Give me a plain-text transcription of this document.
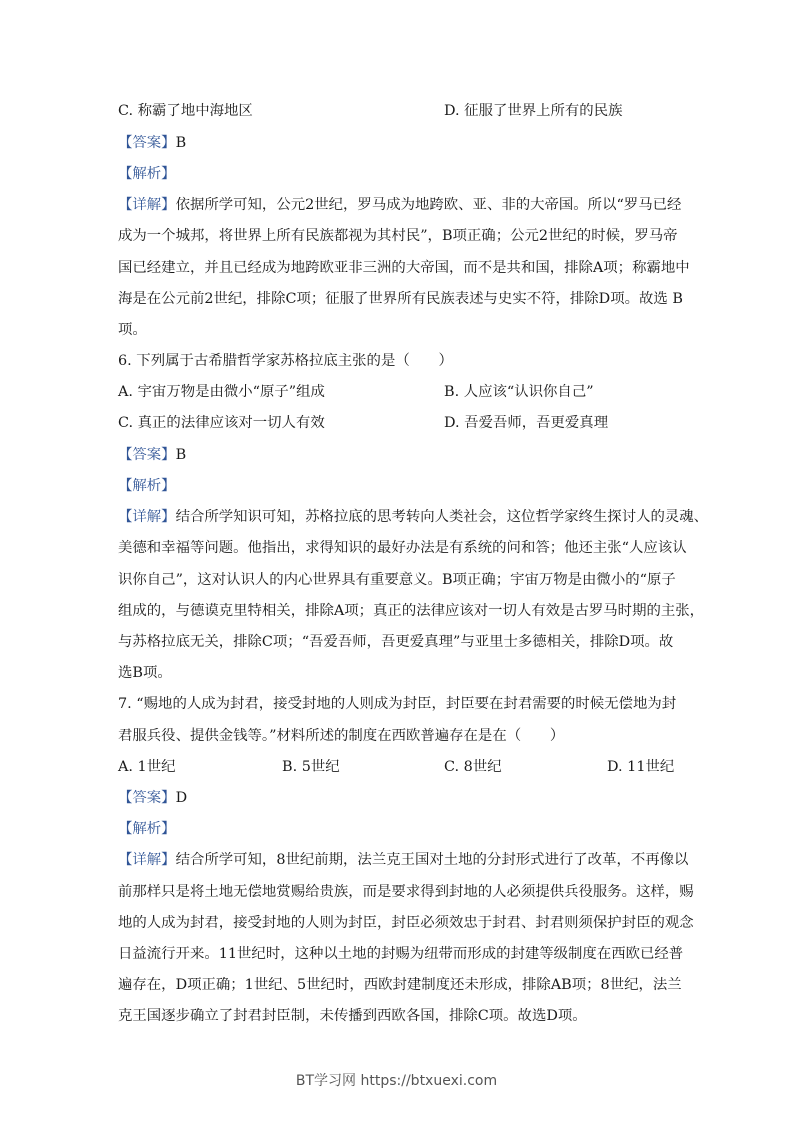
C. 称霸了地中海地区	D. 征服了世界上所有的民族
【答案】B
【解析】
【详解】依据所学可知，公元2世纪，罗马成为地跨欧、亚、非的大帝国。所以“罗马已经
成为一个城邦，将世界上所有民族都视为其村民”，B项正确；公元2世纪的时候，罗马帝
国已经建立，并且已经成为地跨欧亚非三洲的大帝国，而不是共和国，排除A项；称霸地中
海是在公元前2世纪，排除C项；征服了世界所有民族表述与史实不符，排除D项。故选 B
项。
6. 下列属于古希腊哲学家苏格拉底主张的是（　　）
A. 宇宙万物是由微小“原子”组成	B. 人应该“认识你自己”
C. 真正的法律应该对一切人有效	D. 吾爱吾师，吾更爱真理
【答案】B
【解析】
【详解】结合所学知识可知，苏格拉底的思考转向人类社会，这位哲学家终生探讨人的灵魂、
美德和幸福等问题。他指出，求得知识的最好办法是有系统的问和答；他还主张“人应该认
识你自己”，这对认识人的内心世界具有重要意义。B项正确；宇宙万物是由微小的“原子
组成的，与德谟克里特相关，排除A项；真正的法律应该对一切人有效是古罗马时期的主张，
与苏格拉底无关，排除C项；“吾爱吾师，吾更爱真理”与亚里士多德相关，排除D项。故
选B项。
7. “赐地的人成为封君，接受封地的人则成为封臣，封臣要在封君需要的时候无偿地为封
君服兵役、提供金钱等。”材料所述的制度在西欧普遍存在是在（　　）
A. 1世纪	B. 5世纪	C. 8世纪	D. 11世纪
【答案】D
【解析】
【详解】结合所学可知，8世纪前期，法兰克王国对土地的分封形式进行了改革，不再像以
前那样只是将土地无偿地赏赐给贵族，而是要求得到封地的人必须提供兵役服务。这样，赐
地的人成为封君，接受封地的人则为封臣，封臣必须效忠于封君、封君则须保护封臣的观念
日益流行开来。11世纪时，这种以土地的封赐为纽带而形成的封建等级制度在西欧已经普
遍存在，D项正确；1世纪、5世纪时，西欧封建制度还未形成，排除AB项；8世纪，法兰
克王国逐步确立了封君封臣制，未传播到西欧各国，排除C项。故选D项。
BT学习网 https://btxuexi.com
